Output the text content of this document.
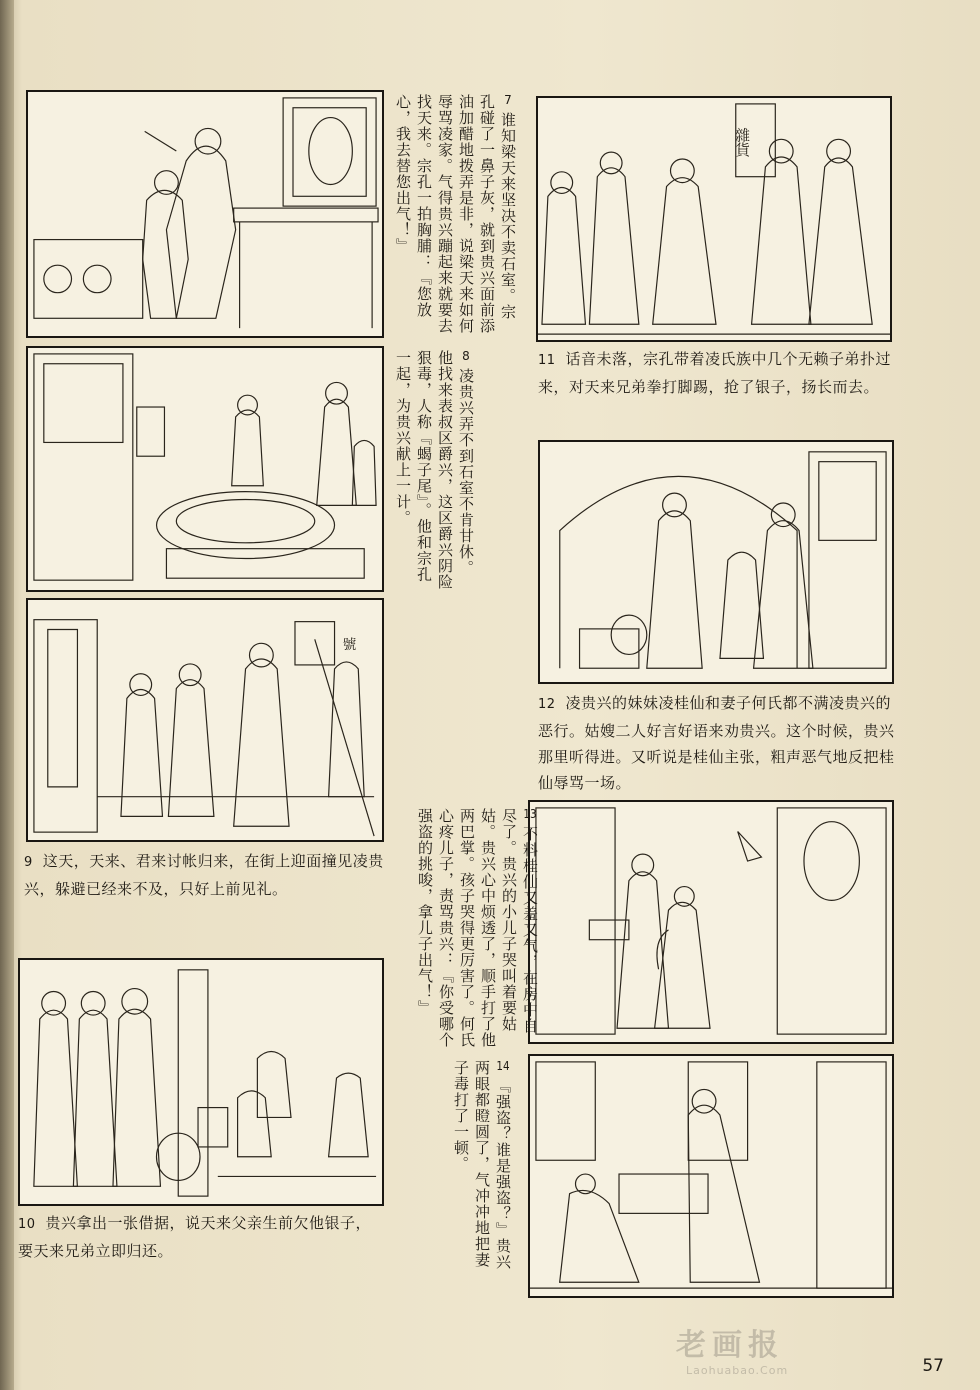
7 谁知梁天来坚决不卖石室。宗孔碰了一鼻子灰，就到贵兴面前添油加醋地拨弄是非，说梁天来如何辱骂凌家。气得贵兴蹦起来就要去找天来。宗孔一拍胸脯：『您放心，我去替您出气！』
8 凌贵兴弄不到石室不肯甘休。他找来表叔区爵兴，这区爵兴阴险狠毒，人称『蝎子尾』。他和宗孔一起，为贵兴献上一计。
號
9 这天，天来、君来讨帐归来，在街上迎面撞见凌贵兴，躲避已经来不及，只好上前见礼。
10 贵兴拿出一张借据，说天来父亲生前欠他银子，要天来兄弟立即归还。
雜貨
11 话音未落，宗孔带着凌氏族中几个无赖子弟扑过来，对天来兄弟拳打脚踢，抢了银子，扬长而去。
12 凌贵兴的妹妹凌桂仙和妻子何氏都不满凌贵兴的恶行。姑嫂二人好言好语来劝贵兴。这个时候，贵兴那里听得进。又听说是桂仙主张，粗声恶气地反把桂仙辱骂一场。
13 不料桂仙又羞又气，在房中自尽了。贵兴的小儿子哭叫着要姑姑。贵兴心中烦透了，顺手打了他两巴掌。孩子哭得更厉害了。何氏心疼儿子，责骂贵兴：『你受哪个强盗的挑唆，拿儿子出气！』
14 『强盗？谁是强盗？』贵兴两眼都瞪圆了，气冲冲地把妻子毒打了一顿。
老画报
Laohuabao.Com	57
